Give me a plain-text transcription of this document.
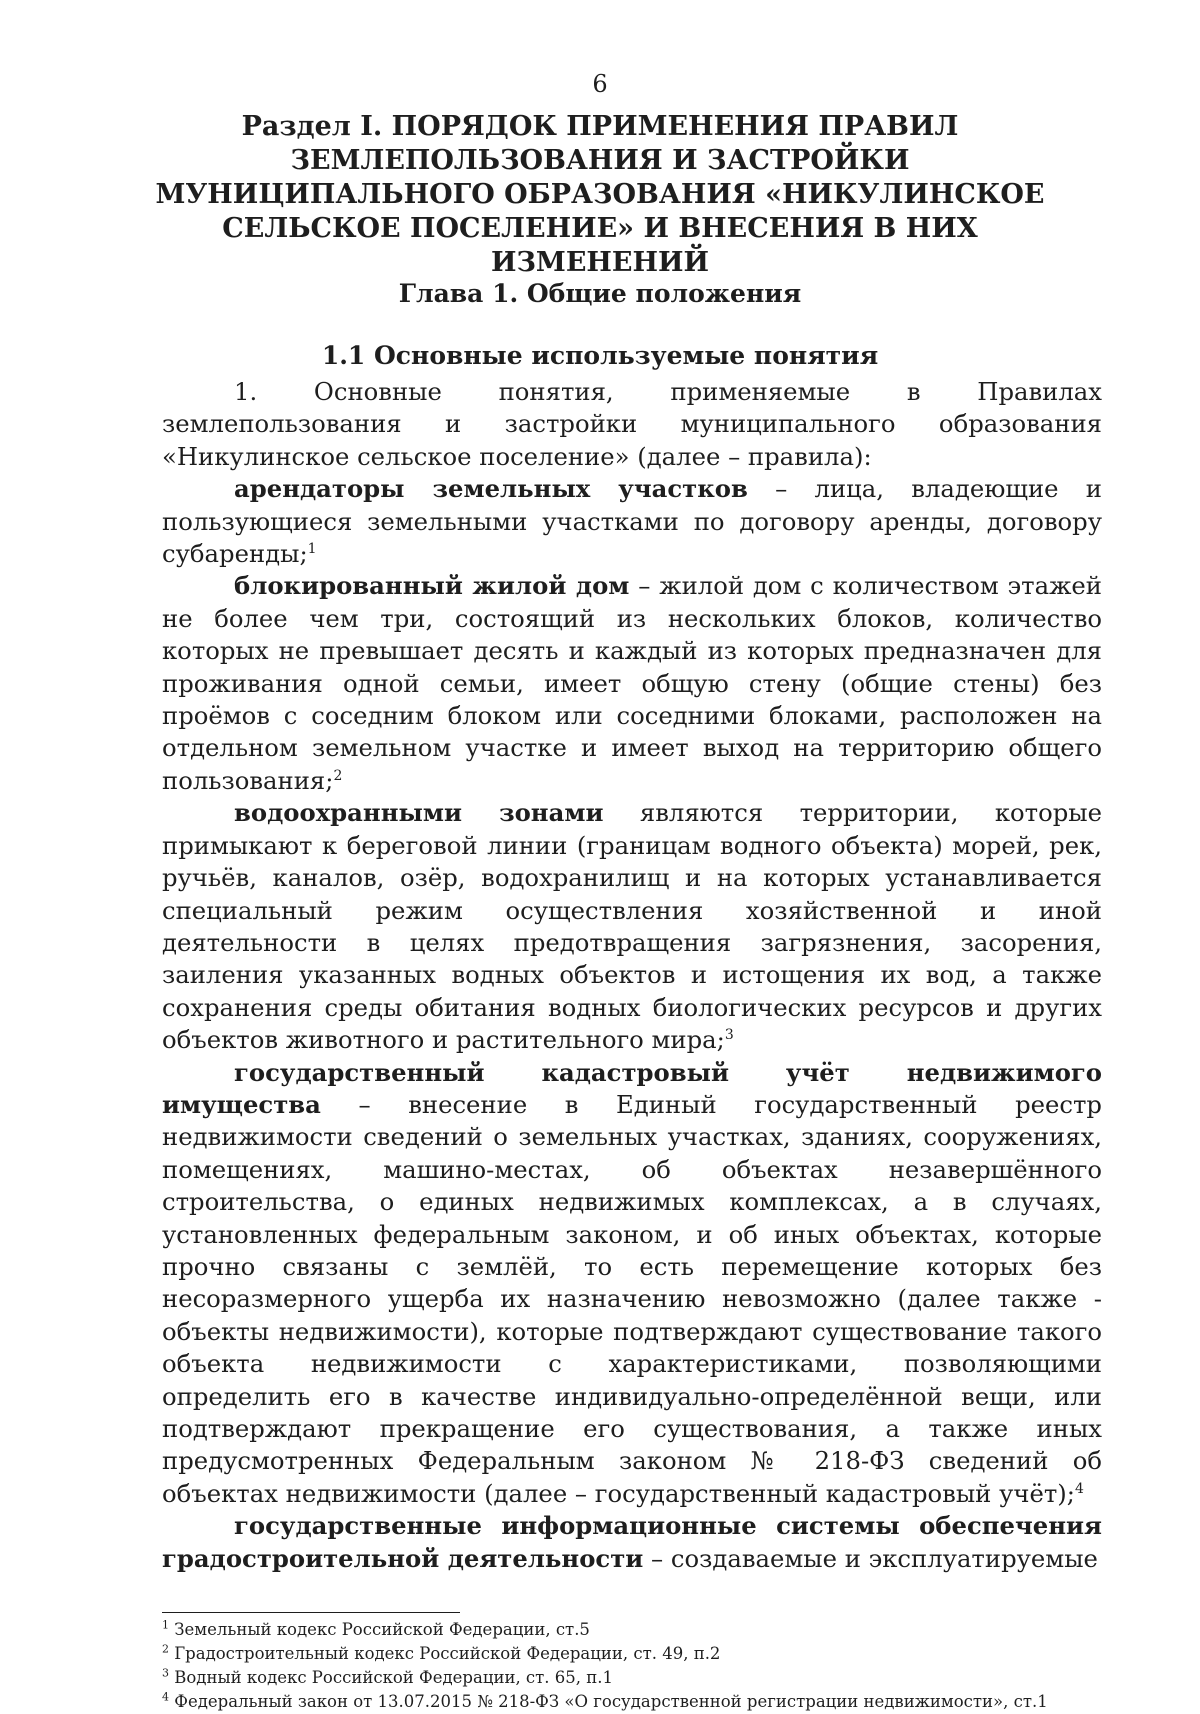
6
Раздел I. ПОРЯДОК ПРИМЕНЕНИЯ ПРАВИЛ ЗЕМЛЕПОЛЬЗОВАНИЯ И ЗАСТРОЙКИ МУНИЦИПАЛЬНОГО ОБРАЗОВАНИЯ «НИКУЛИНСКОЕ СЕЛЬСКОЕ ПОСЕЛЕНИЕ» И ВНЕСЕНИЯ В НИХ ИЗМЕНЕНИЙ
Глава 1. Общие положения
1.1 Основные используемые понятия

1. Основные понятия, применяемые в Правилах землепользования и застройки муниципального образования «Никулинское сельское поселение» (далее – правила):

арендаторы земельных участков – лица, владеющие и пользующиеся земельными участками по договору аренды, договору субаренды;$^1$

блокированный жилой дом – жилой дом с количеством этажей не более чем три, состоящий из нескольких блоков, количество которых не превышает десять и каждый из которых предназначен для проживания одной семьи, имеет общую стену (общие стены) без проёмов с соседним блоком или соседними блоками, расположен на отдельном земельном участке и имеет выход на территорию общего пользования;$^2$

водоохранными зонами являются территории, которые примыкают к береговой линии (границам водного объекта) морей, рек, ручьёв, каналов, озёр, водохранилищ и на которых устанавливается специальный режим осуществления хозяйственной и иной деятельности в целях предотвращения загрязнения, засорения, заиления указанных водных объектов и истощения их вод, а также сохранения среды обитания водных биологических ресурсов и других объектов животного и растительного мира;$^3$

государственный кадастровый учёт недвижимого имущества – внесение в Единый государственный реестр недвижимости сведений о земельных участках, зданиях, сооружениях, помещениях, машино-местах, об объектах незавершённого строительства, о единых недвижимых комплексах, а в случаях, установленных федеральным законом, и об иных объектах, которые прочно связаны с землёй, то есть перемещение которых без несоразмерного ущерба их назначению невозможно (далее также - объекты недвижимости), которые подтверждают существование такого объекта недвижимости с характеристиками, позволяющими определить его в качестве индивидуально-определённой вещи, или подтверждают прекращение его существования, а также иных предусмотренных Федеральным законом № 218-ФЗ сведений об объектах недвижимости (далее – государственный кадастровый учёт);$^4$

государственные информационные системы обеспечения градостроительной деятельности – создаваемые и эксплуатируемые

$^1$ Земельный кодекс Российской Федерации, ст.5
$^2$ Градостроительный кодекс Российской Федерации, ст. 49, п.2
$^3$ Водный кодекс Российской Федерации, ст. 65, п.1
$^4$ Федеральный закон от 13.07.2015 № 218-ФЗ «О государственной регистрации недвижимости», ст.1
